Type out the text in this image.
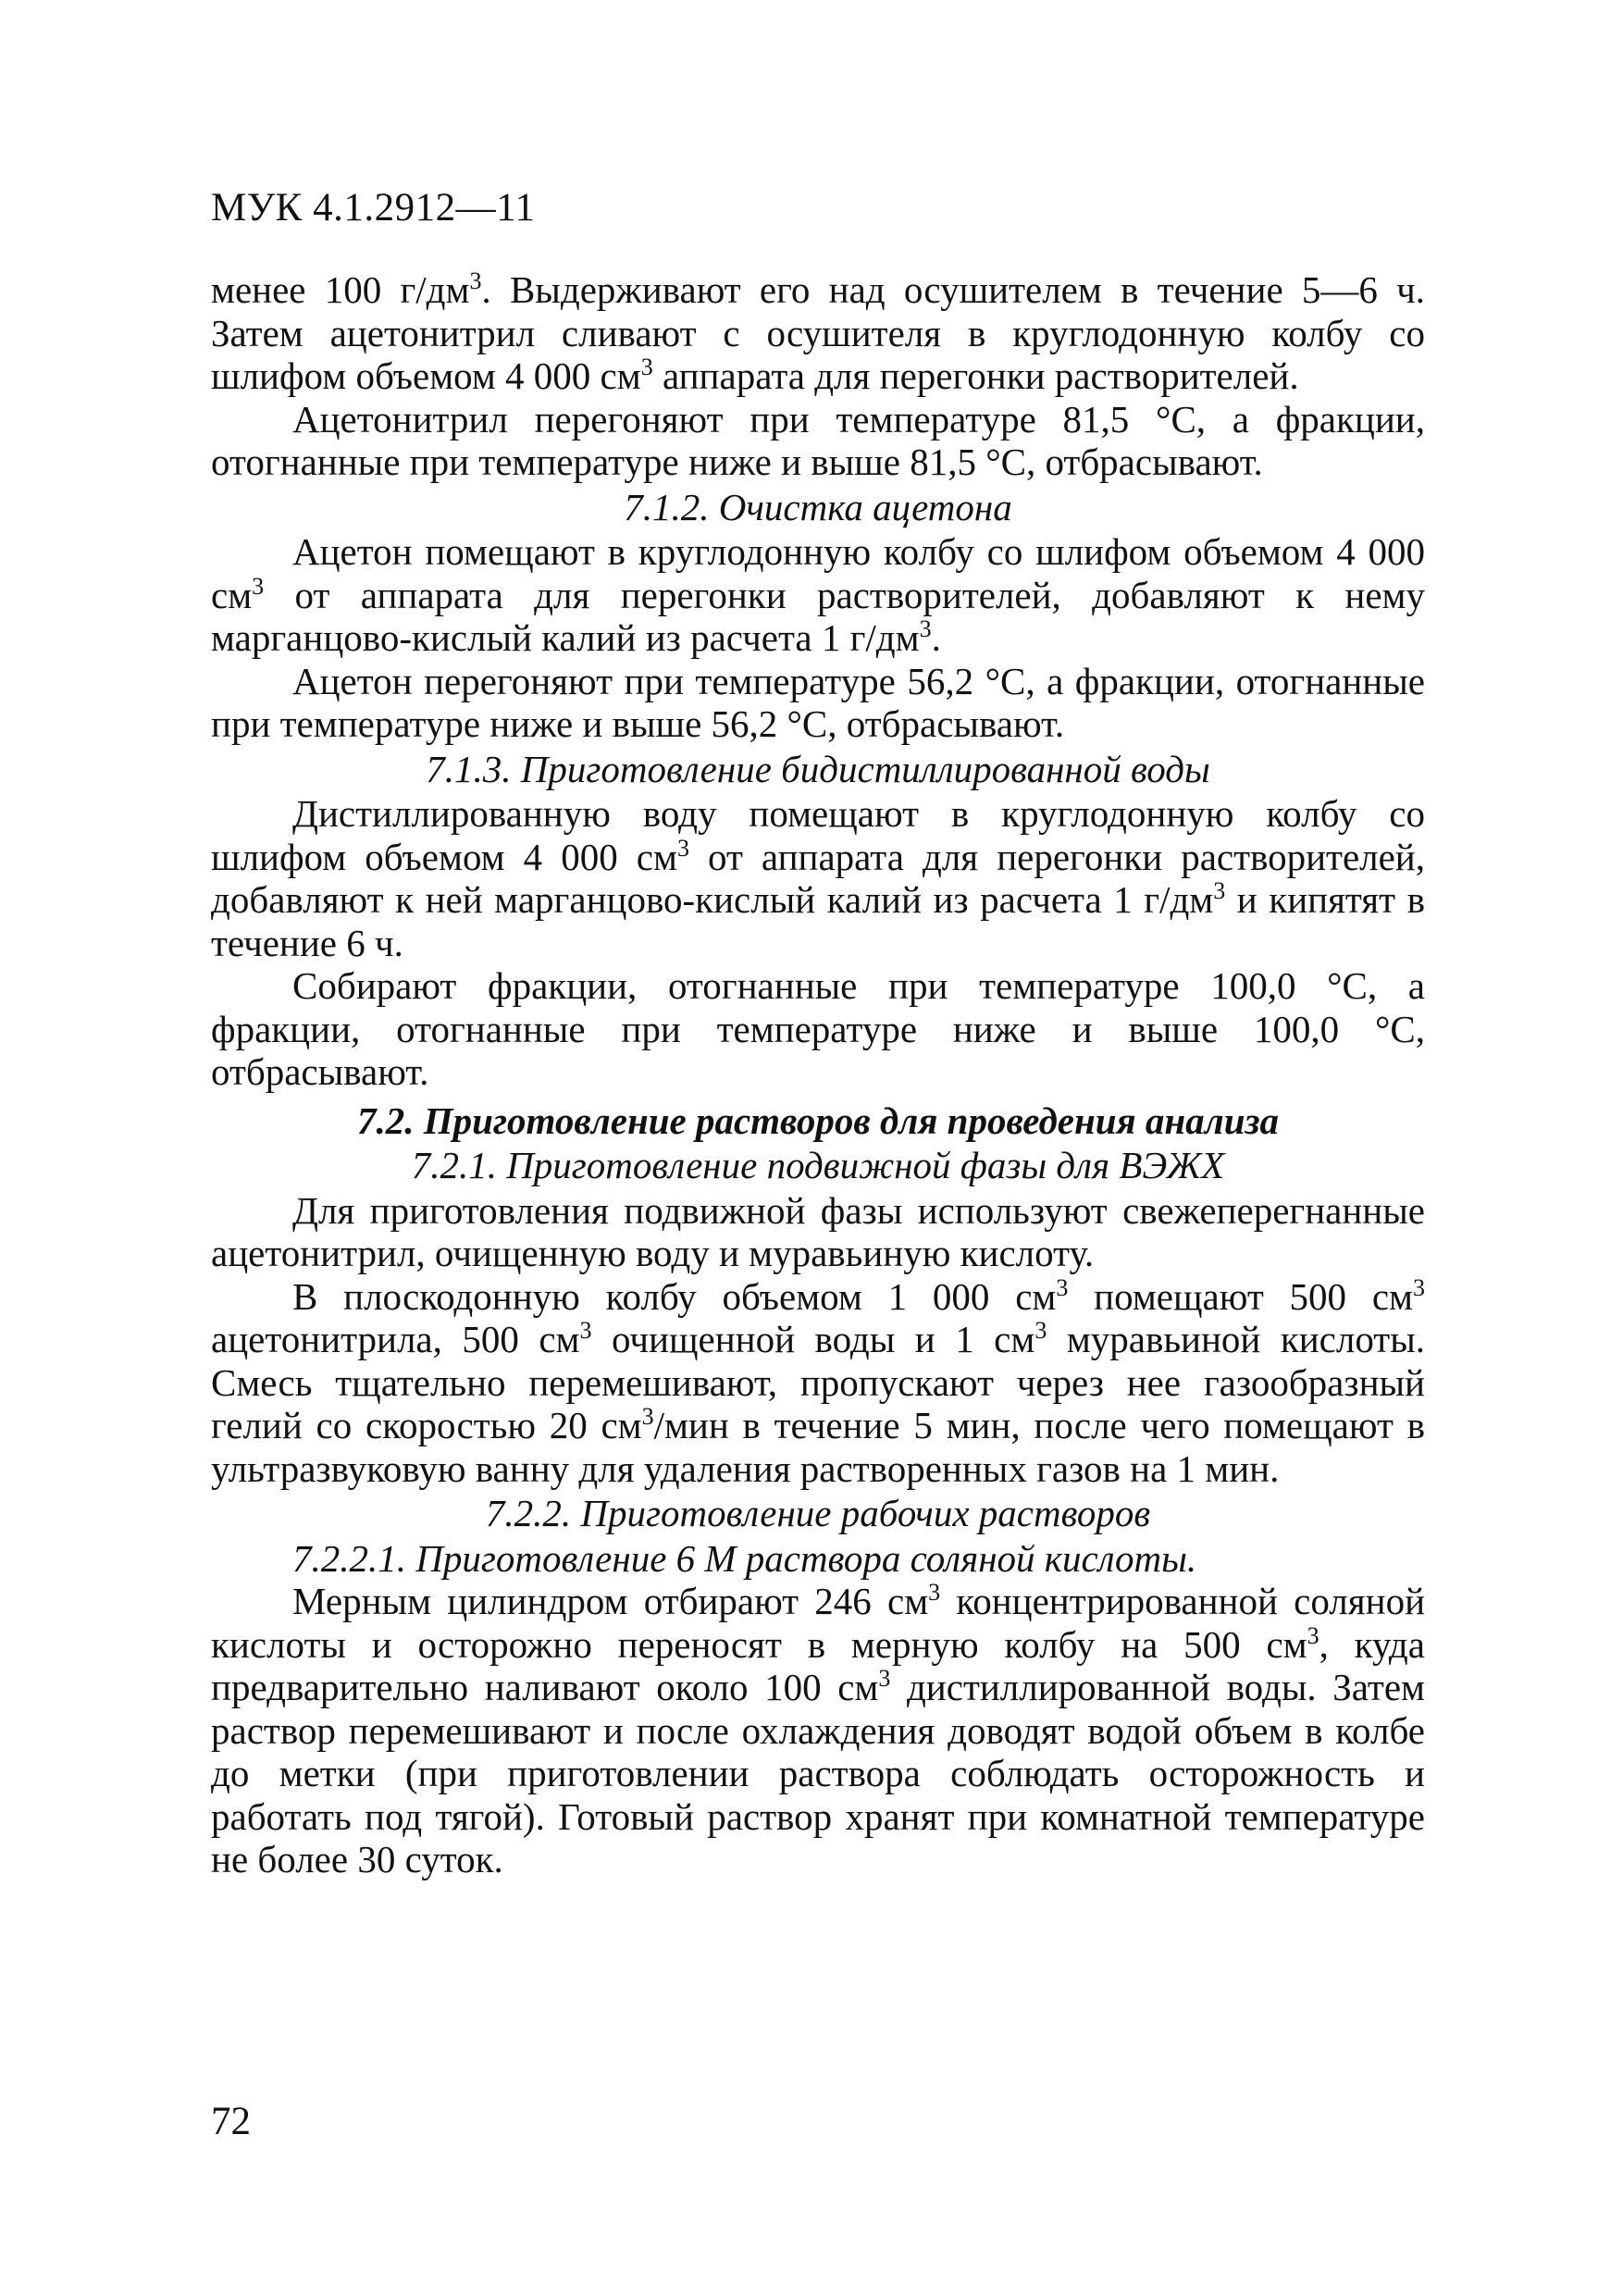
МУК 4.1.2912—11

менее 100 $г/дм^3$. Выдерживают его над осушителем в течение 5—6 ч. Затем ацетонитрил сливают с осушителя в круглодонную колбу со шлифом объемом 4 000 $см^3$ аппарата для перегонки растворителей.

Ацетонитрил перегоняют при температуре 81,5 °С, а фракции, отогнанные при температуре ниже и выше 81,5 °С, отбрасывают.

7.1.2. Очистка ацетона

Ацетон помещают в круглодонную колбу со шлифом объемом 4 000 $см^3$ от аппарата для перегонки растворителей, добавляют к нему марганцово-кислый калий из расчета 1 $г/дм^3$.

Ацетон перегоняют при температуре 56,2 °С, а фракции, отогнанные при температуре ниже и выше 56,2 °С, отбрасывают.

7.1.3. Приготовление бидистиллированной воды

Дистиллированную воду помещают в круглодонную колбу со шлифом объемом 4 000 $см^3$ от аппарата для перегонки растворителей, добавляют к ней марганцово-кислый калий из расчета 1 $г/дм^3$ и кипятят в течение 6 ч.

Собирают фракции, отогнанные при температуре 100,0 °С, а фракции, отогнанные при температуре ниже и выше 100,0 °С, отбрасывают.

7.2. Приготовление растворов для проведения анализа

7.2.1. Приготовление подвижной фазы для ВЭЖХ

Для приготовления подвижной фазы используют свежеперегнанные ацетонитрил, очищенную воду и муравьиную кислоту.

В плоскодонную колбу объемом 1 000 $см^3$ помещают 500 $см^3$ ацетонитрила, 500 $см^3$ очищенной воды и 1 $см^3$ муравьиной кислоты. Смесь тщательно перемешивают, пропускают через нее газообразный гелий со скоростью 20 $см^3$/мин в течение 5 мин, после чего помещают в ультразвуковую ванну для удаления растворенных газов на 1 мин.

7.2.2. Приготовление рабочих растворов

7.2.2.1. Приготовление 6 М раствора соляной кислоты.

Мерным цилиндром отбирают 246 $см^3$ концентрированной соляной кислоты и осторожно переносят в мерную колбу на 500 $см^3$, куда предварительно наливают около 100 $см^3$ дистиллированной воды. Затем раствор перемешивают и после охлаждения доводят водой объем в колбе до метки (при приготовлении раствора соблюдать осторожность и работать под тягой). Готовый раствор хранят при комнатной температуре не более 30 суток.

72
